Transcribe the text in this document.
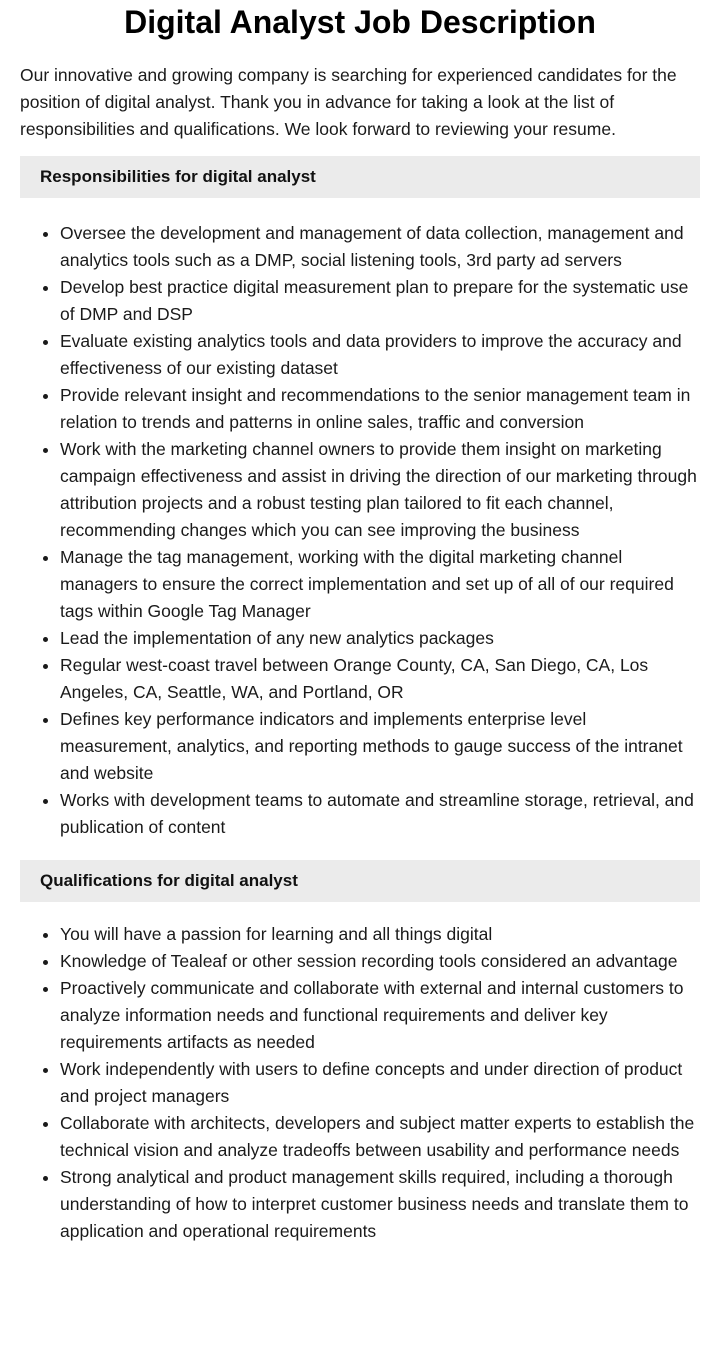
Digital Analyst Job Description

Our innovative and growing company is searching for experienced candidates for the position of digital analyst. Thank you in advance for taking a look at the list of responsibilities and qualifications. We look forward to reviewing your resume.

Responsibilities for digital analyst
• Oversee the development and management of data collection, management and analytics tools such as a DMP, social listening tools, 3rd party ad servers
• Develop best practice digital measurement plan to prepare for the systematic use of DMP and DSP
• Evaluate existing analytics tools and data providers to improve the accuracy and effectiveness of our existing dataset
• Provide relevant insight and recommendations to the senior management team in relation to trends and patterns in online sales, traffic and conversion
• Work with the marketing channel owners to provide them insight on marketing campaign effectiveness and assist in driving the direction of our marketing through attribution projects and a robust testing plan tailored to fit each channel, recommending changes which you can see improving the business
• Manage the tag management, working with the digital marketing channel managers to ensure the correct implementation and set up of all of our required tags within Google Tag Manager
• Lead the implementation of any new analytics packages
• Regular west-coast travel between Orange County, CA, San Diego, CA, Los Angeles, CA, Seattle, WA, and Portland, OR
• Defines key performance indicators and implements enterprise level measurement, analytics, and reporting methods to gauge success of the intranet and website
• Works with development teams to automate and streamline storage, retrieval, and publication of content
Qualifications for digital analyst
• You will have a passion for learning and all things digital
• Knowledge of Tealeaf or other session recording tools considered an advantage
• Proactively communicate and collaborate with external and internal customers to analyze information needs and functional requirements and deliver key requirements artifacts as needed
• Work independently with users to define concepts and under direction of product and project managers
• Collaborate with architects, developers and subject matter experts to establish the technical vision and analyze tradeoffs between usability and performance needs
• Strong analytical and product management skills required, including a thorough understanding of how to interpret customer business needs and translate them to application and operational requirements
